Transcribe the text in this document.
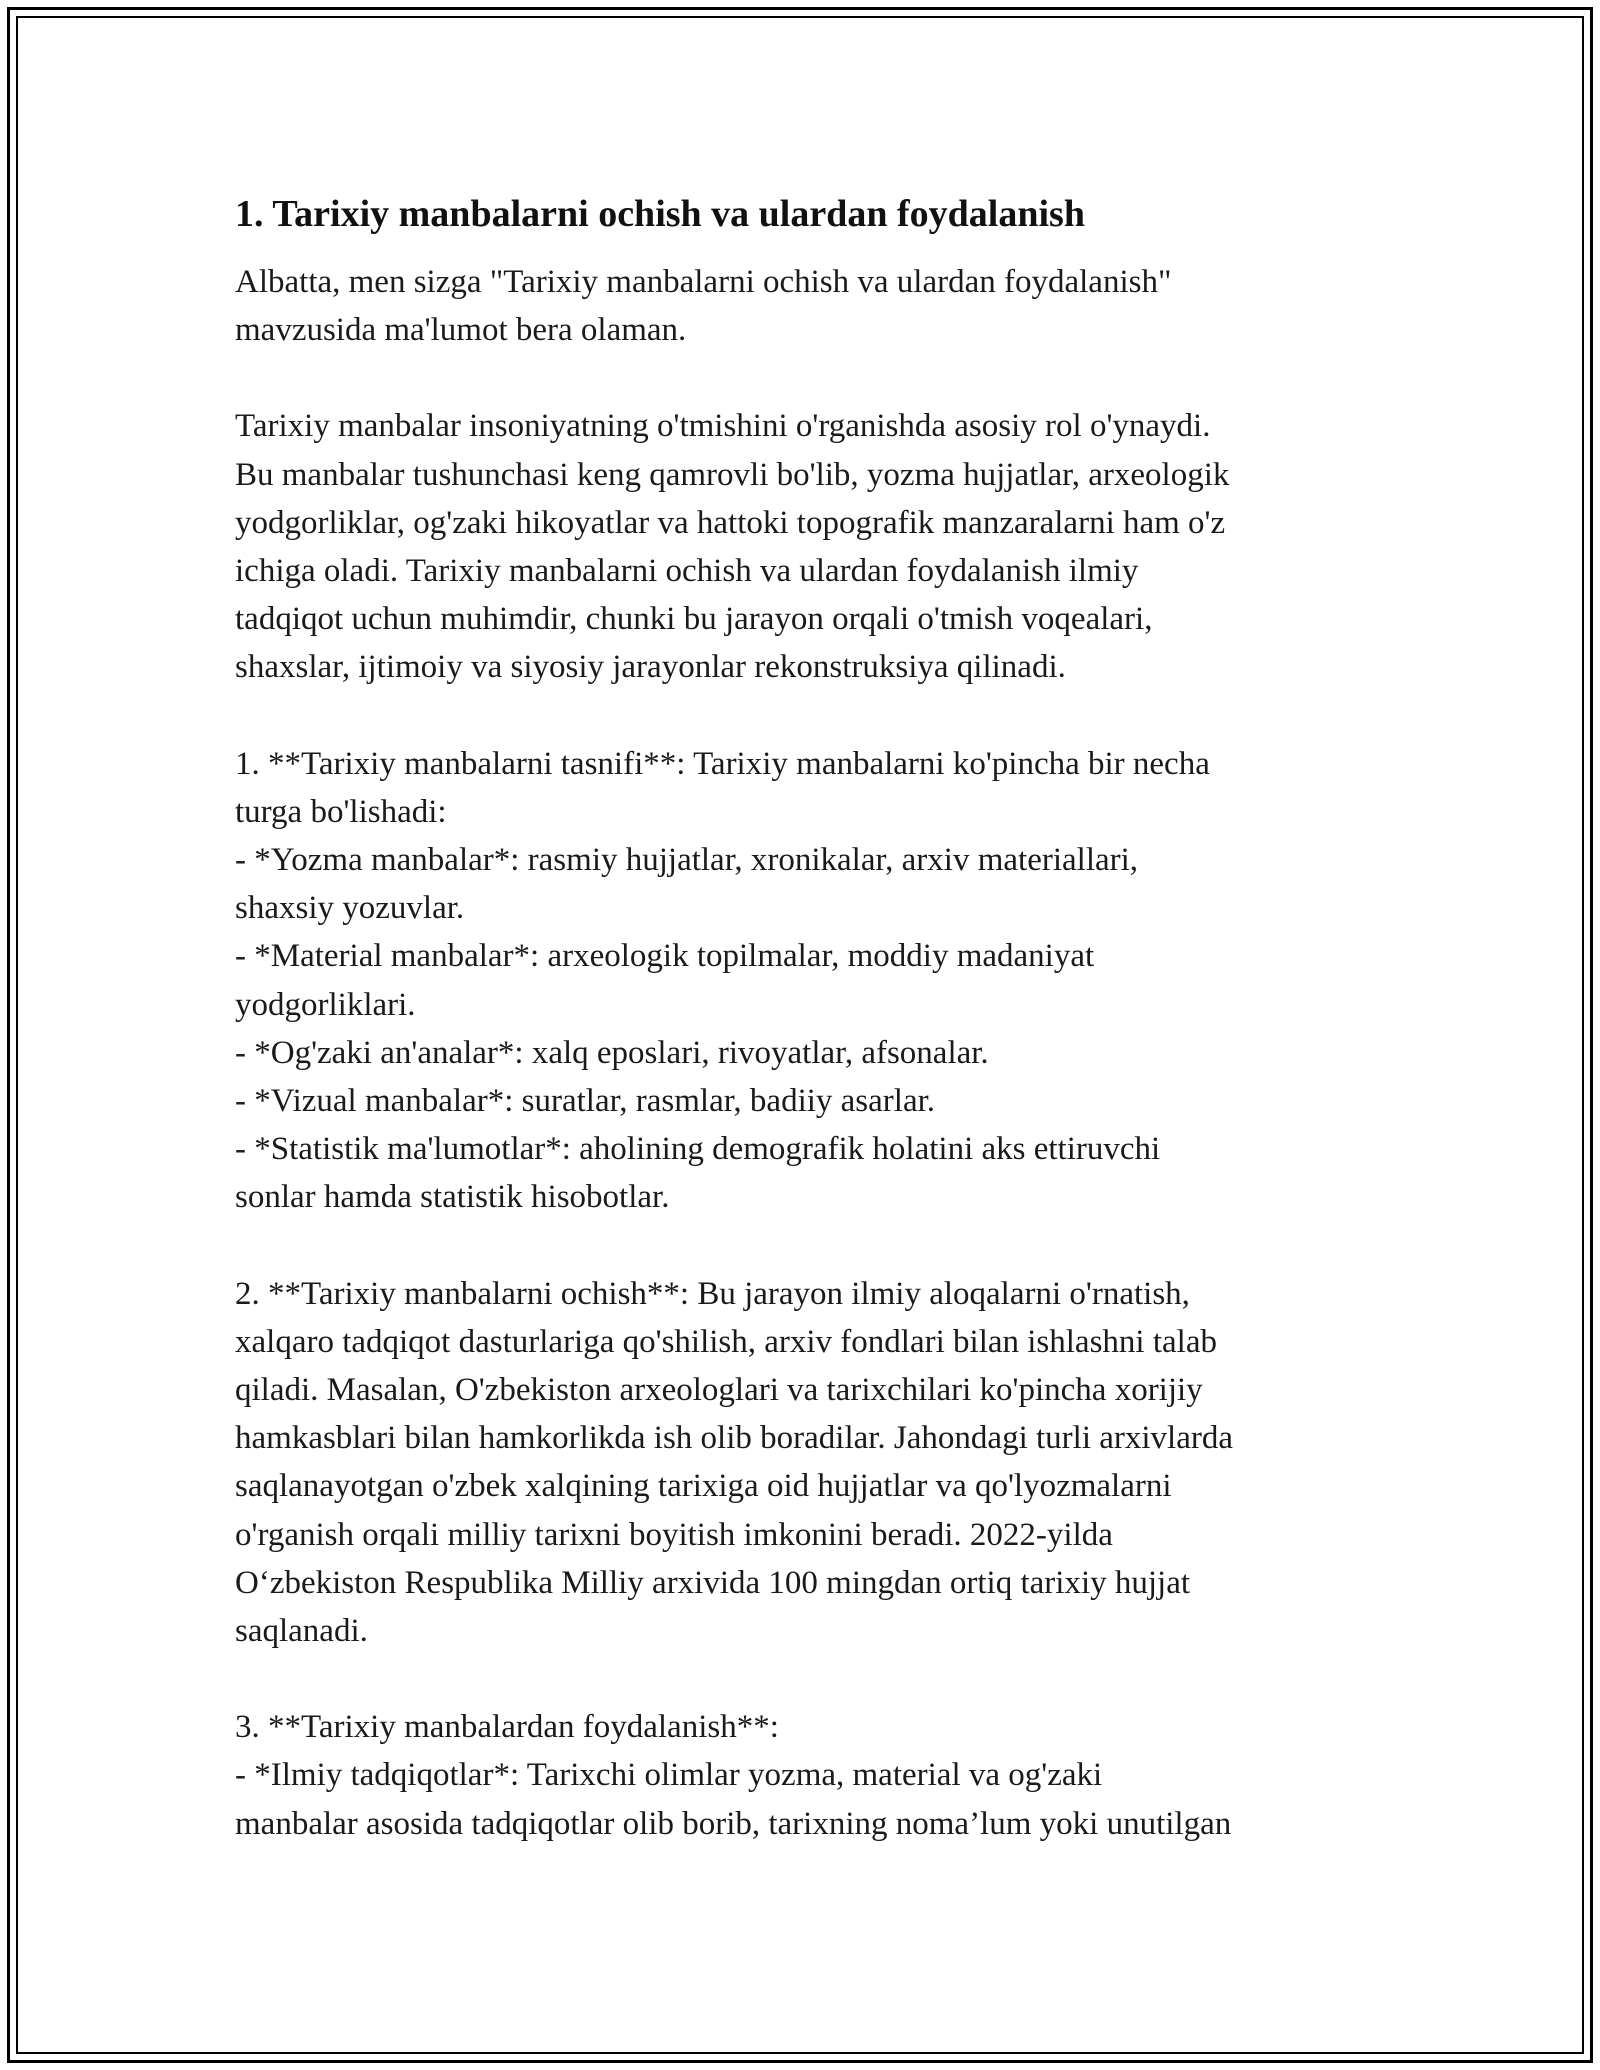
1. Tarixiy manbalarni ochish va ulardan foydalanish

Albatta, men sizga "Tarixiy manbalarni ochish va ulardan foydalanish"
mavzusida ma'lumot bera olaman.

Tarixiy manbalar insoniyatning o'tmishini o'rganishda asosiy rol o'ynaydi.
Bu manbalar tushunchasi keng qamrovli bo'lib, yozma hujjatlar, arxeologik
yodgorliklar, og'zaki hikoyatlar va hattoki topografik manzaralarni ham o'z
ichiga oladi. Tarixiy manbalarni ochish va ulardan foydalanish ilmiy
tadqiqot uchun muhimdir, chunki bu jarayon orqali o'tmish voqealari,
shaxslar, ijtimoiy va siyosiy jarayonlar rekonstruksiya qilinadi.

1. **Tarixiy manbalarni tasnifi**: Tarixiy manbalarni ko'pincha bir necha
turga bo'lishadi:
- *Yozma manbalar*: rasmiy hujjatlar, xronikalar, arxiv materiallari,
shaxsiy yozuvlar.
- *Material manbalar*: arxeologik topilmalar, moddiy madaniyat
yodgorliklari.
- *Og'zaki an'analar*: xalq eposlari, rivoyatlar, afsonalar.
- *Vizual manbalar*: suratlar, rasmlar, badiiy asarlar.
- *Statistik ma'lumotlar*: aholining demografik holatini aks ettiruvchi
sonlar hamda statistik hisobotlar.

2. **Tarixiy manbalarni ochish**: Bu jarayon ilmiy aloqalarni o'rnatish,
xalqaro tadqiqot dasturlariga qo'shilish, arxiv fondlari bilan ishlashni talab
qiladi. Masalan, O'zbekiston arxeologlari va tarixchilari ko'pincha xorijiy
hamkasblari bilan hamkorlikda ish olib boradilar. Jahondagi turli arxivlarda
saqlanayotgan o'zbek xalqining tarixiga oid hujjatlar va qo'lyozmalarni
o'rganish orqali milliy tarixni boyitish imkonini beradi. 2022-yilda
O‘zbekiston Respublika Milliy arxivida 100 mingdan ortiq tarixiy hujjat
saqlanadi.

3. **Tarixiy manbalardan foydalanish**:
- *Ilmiy tadqiqotlar*: Tarixchi olimlar yozma, material va og'zaki
manbalar asosida tadqiqotlar olib borib, tarixning noma’lum yoki unutilgan
